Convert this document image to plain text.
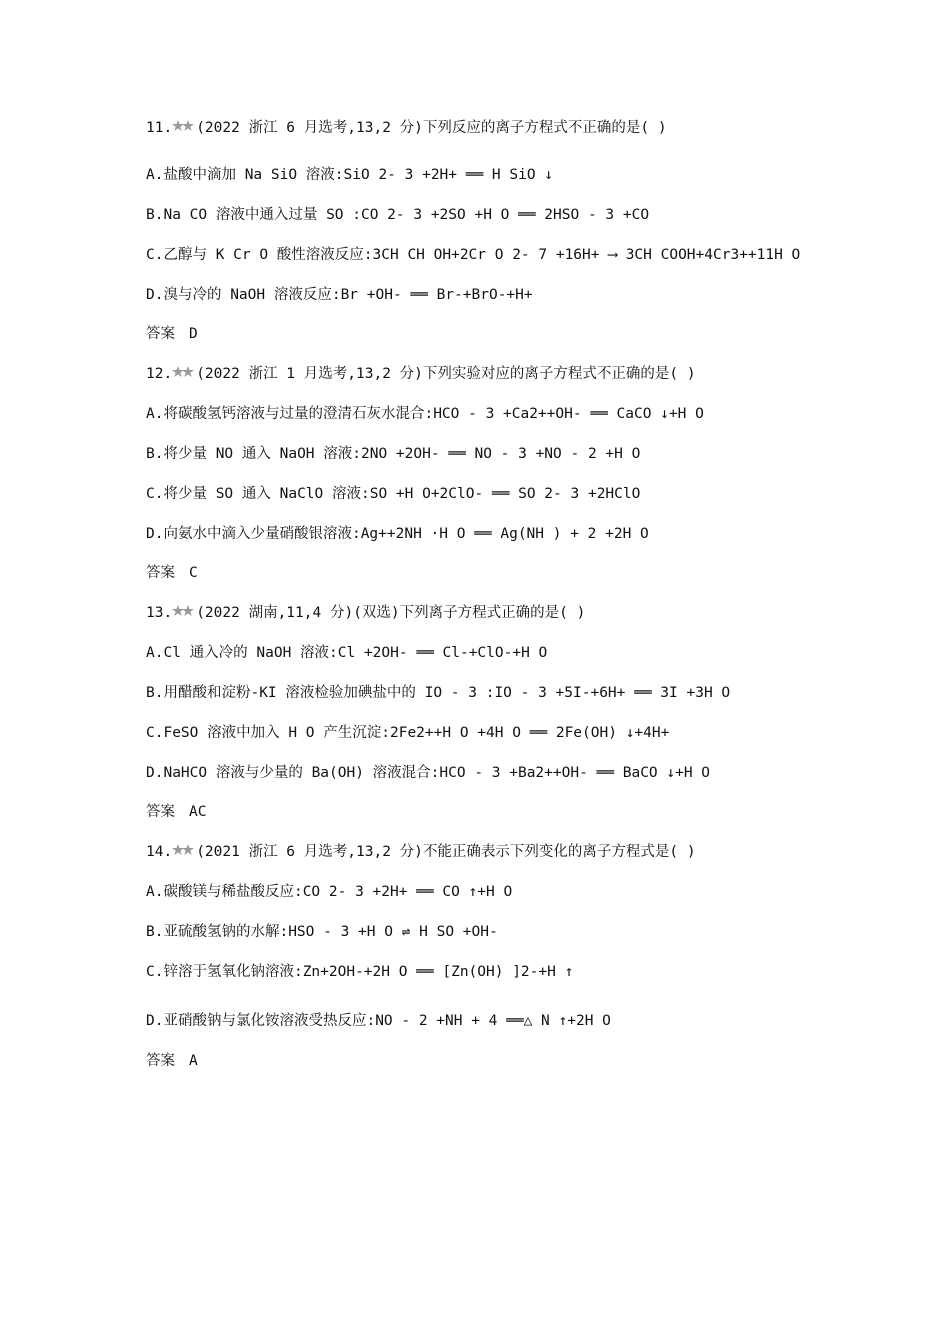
11. (2022 浙江 6 月选考,13,2 分)下列反应的离子方程式不正确的是( )
A.盐酸中滴加 Na SiO 溶液:SiO 2- 3 +2H+ ══ H SiO ↓
B.Na CO 溶液中通入过量 SO :CO 2- 3 +2SO +H O ══ 2HSO - 3 +CO
C.乙醇与 K Cr O 酸性溶液反应:3CH CH OH+2Cr O 2- 7 +16H+ ⟶ 3CH COOH+4Cr3++11H O
D.溴与冷的 NaOH 溶液反应:Br +OH- ══ Br-+BrO-+H+
答案 D
12. (2022 浙江 1 月选考,13,2 分)下列实验对应的离子方程式不正确的是( )
A.将碳酸氢钙溶液与过量的澄清石灰水混合:HCO - 3 +Ca2++OH- ══ CaCO ↓+H O
B.将少量 NO 通入 NaOH 溶液:2NO +2OH- ══ NO - 3 +NO - 2 +H O
C.将少量 SO 通入 NaClO 溶液:SO +H O+2ClO- ══ SO 2- 3 +2HClO
D.向氨水中滴入少量硝酸银溶液:Ag++2NH ·H O ══ Ag(NH ) + 2 +2H O
答案 C
13. (2022 湖南,11,4 分)(双选)下列离子方程式正确的是( )
A.Cl 通入冷的 NaOH 溶液:Cl +2OH- ══ Cl-+ClO-+H O
B.用醋酸和淀粉-KI 溶液检验加碘盐中的 IO - 3 :IO - 3 +5I-+6H+ ══ 3I +3H O
C.FeSO 溶液中加入 H O 产生沉淀:2Fe2++H O +4H O ══ 2Fe(OH) ↓+4H+
D.NaHCO 溶液与少量的 Ba(OH) 溶液混合:HCO - 3 +Ba2++OH- ══ BaCO ↓+H O
答案 AC
14. (2021 浙江 6 月选考,13,2 分)不能正确表示下列变化的离子方程式是( )
A.碳酸镁与稀盐酸反应:CO 2- 3 +2H+ ══ CO ↑+H O
B.亚硫酸氢钠的水解:HSO - 3 +H O ⇌ H SO +OH-
C.锌溶于氢氧化钠溶液:Zn+2OH-+2H O ══ [Zn(OH) ]2-+H ↑
D.亚硝酸钠与氯化铵溶液受热反应:NO - 2 +NH + 4 ══△ N ↑+2H O
答案 A
